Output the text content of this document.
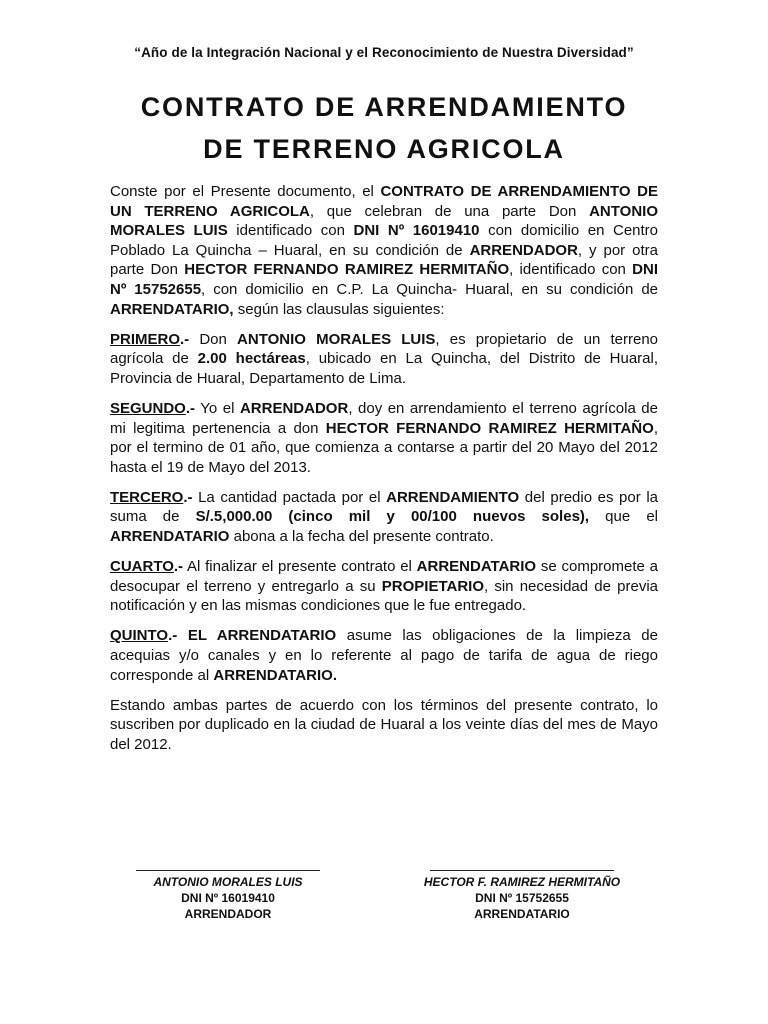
“Año de la Integración Nacional y el Reconocimiento de Nuestra Diversidad”
CONTRATO DE ARRENDAMIENTO
DE TERRENO AGRICOLA

Conste por el Presente documento, el CONTRATO DE ARRENDAMIENTO DE UN TERRENO AGRICOLA, que celebran de una parte Don ANTONIO MORALES LUIS identificado con DNI Nº 16019410 con domicilio en Centro Poblado La Quincha – Huaral, en su condición de ARRENDADOR, y por otra parte Don HECTOR FERNANDO RAMIREZ HERMITAÑO, identificado con DNI Nº 15752655, con domicilio en C.P. La Quincha- Huaral, en su condición de ARRENDATARIO, según las clausulas siguientes:

PRIMERO.- Don ANTONIO MORALES LUIS, es propietario de un terreno agrícola de 2.00 hectáreas, ubicado en La Quincha, del Distrito de Huaral, Provincia de Huaral, Departamento de Lima.

SEGUNDO.- Yo el ARRENDADOR, doy en arrendamiento el terreno agrícola de mi legitima pertenencia a don HECTOR FERNANDO RAMIREZ HERMITAÑO, por el termino de 01 año, que comienza a contarse a partir del 20 Mayo del 2012 hasta el 19 de Mayo del 2013.

TERCERO.- La cantidad pactada por el ARRENDAMIENTO del predio es por la suma de S/.5,000.00 (cinco mil y 00/100 nuevos soles), que el ARRENDATARIO abona a la fecha del presente contrato.

CUARTO.- Al finalizar el presente contrato el ARRENDATARIO se compromete a desocupar el terreno y entregarlo a su PROPIETARIO, sin necesidad de previa notificación y en las mismas condiciones que le fue entregado.

QUINTO.- EL ARRENDATARIO asume las obligaciones de la limpieza de acequias y/o canales y en lo referente al pago de tarifa de agua de riego corresponde al ARRENDATARIO.

Estando ambas partes de acuerdo con los términos del presente contrato, lo suscriben por duplicado en la ciudad de Huaral a los veinte días del mes de Mayo del 2012.

ANTONIO MORALES LUIS
DNI Nº 16019410
ARRENDADOR
HECTOR F. RAMIREZ HERMITAÑO
DNI Nº 15752655
ARRENDATARIO
